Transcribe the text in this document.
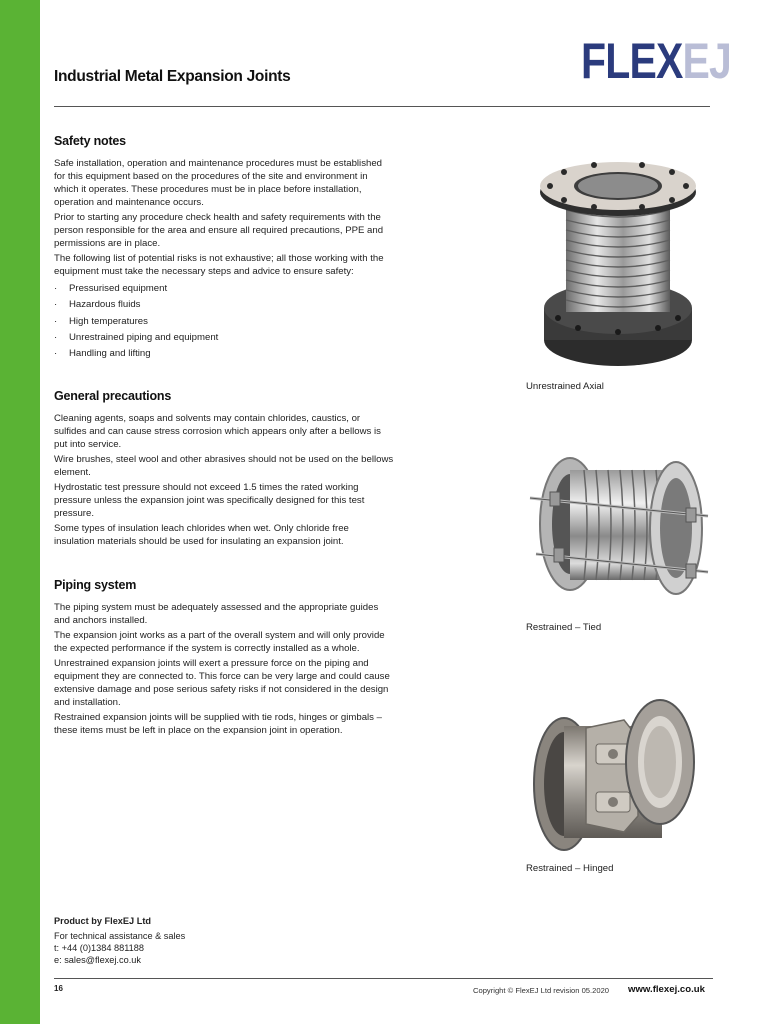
FLEXEJ
Industrial Metal Expansion Joints
Safety notes

Safe installation, operation and maintenance procedures must be established for this equipment based on the procedures of the site and environment in which it operates. These procedures must be in place before installation, operation and maintenance occurs.

Prior to starting any procedure check health and safety requirements with the person responsible for the area and ensure all required precautions, PPE and permissions are in place.

The following list of potential risks is not exhaustive; all those working with the equipment must take the necessary steps and advice to ensure safety:

· Pressurised equipment
· Hazardous fluids
· High temperatures
· Unrestrained piping and equipment
· Handling and lifting
General precautions

Cleaning agents, soaps and solvents may contain chlorides, caustics, or sulfides and can cause stress corrosion which appears only after a bellows is put into service.

Wire brushes, steel wool and other abrasives should not be used on the bellows element.

Hydrostatic test pressure should not exceed 1.5 times the rated working pressure unless the expansion joint was specifically designed for this test pressure.

Some types of insulation leach chlorides when wet. Only chloride free insulation materials should be used for insulating an expansion joint.

Piping system

The piping system must be adequately assessed and the appropriate guides and anchors installed.

The expansion joint works as a part of the overall system and will only provide the expected performance if the system is correctly installed as a whole.

Unrestrained expansion joints will exert a pressure force on the piping and equipment they are connected to. This force can be very large and could cause extensive damage and pose serious safety risks if not considered in the design and installation.

Restrained expansion joints will be supplied with tie rods, hinges or gimbals – these items must be left in place on the expansion joint in operation.

Unrestrained Axial
Restrained – Tied
Restrained – Hinged
Product by FlexEJ Ltd
For technical assistance & sales
t: +44 (0)1384 881188
e: sales@flexej.co.uk
16	Copyright © FlexEJ Ltd revision 05.2020 www.flexej.co.uk
